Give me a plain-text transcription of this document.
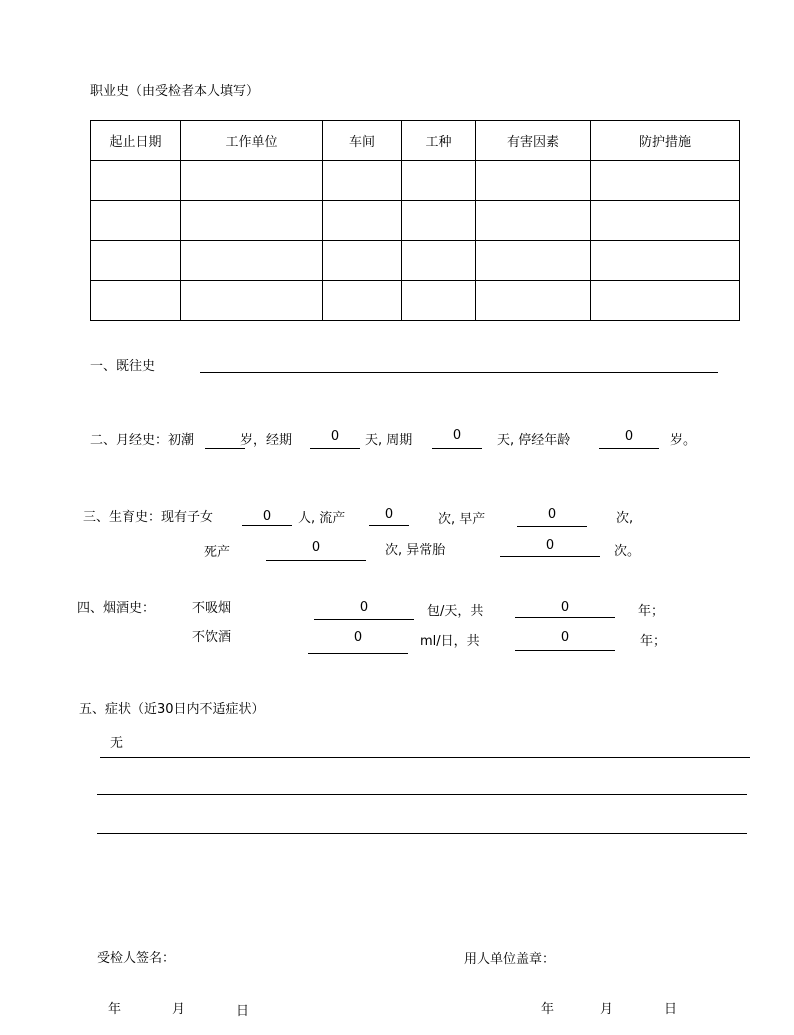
职业史（由受检者本人填写）
起止日期	工作单位	车间	工种	有害因素	防护措施

一、既往史
二、月经史：初潮	岁，经期	0	天, 周期	0	天, 停经年龄	0	岁。
三、生育史：现有子女	0	人, 流产	0	次, 早产	0	次,
死产	0	次, 异常胎	0	次。
四、烟酒史：	不吸烟	0	包/天，共	0	年；
不饮酒	0	ml/日，共	0	年；
五、症状（近30日内不适症状）
无
受检人签名：	用人单位盖章：
年	月	日	年	月	日
